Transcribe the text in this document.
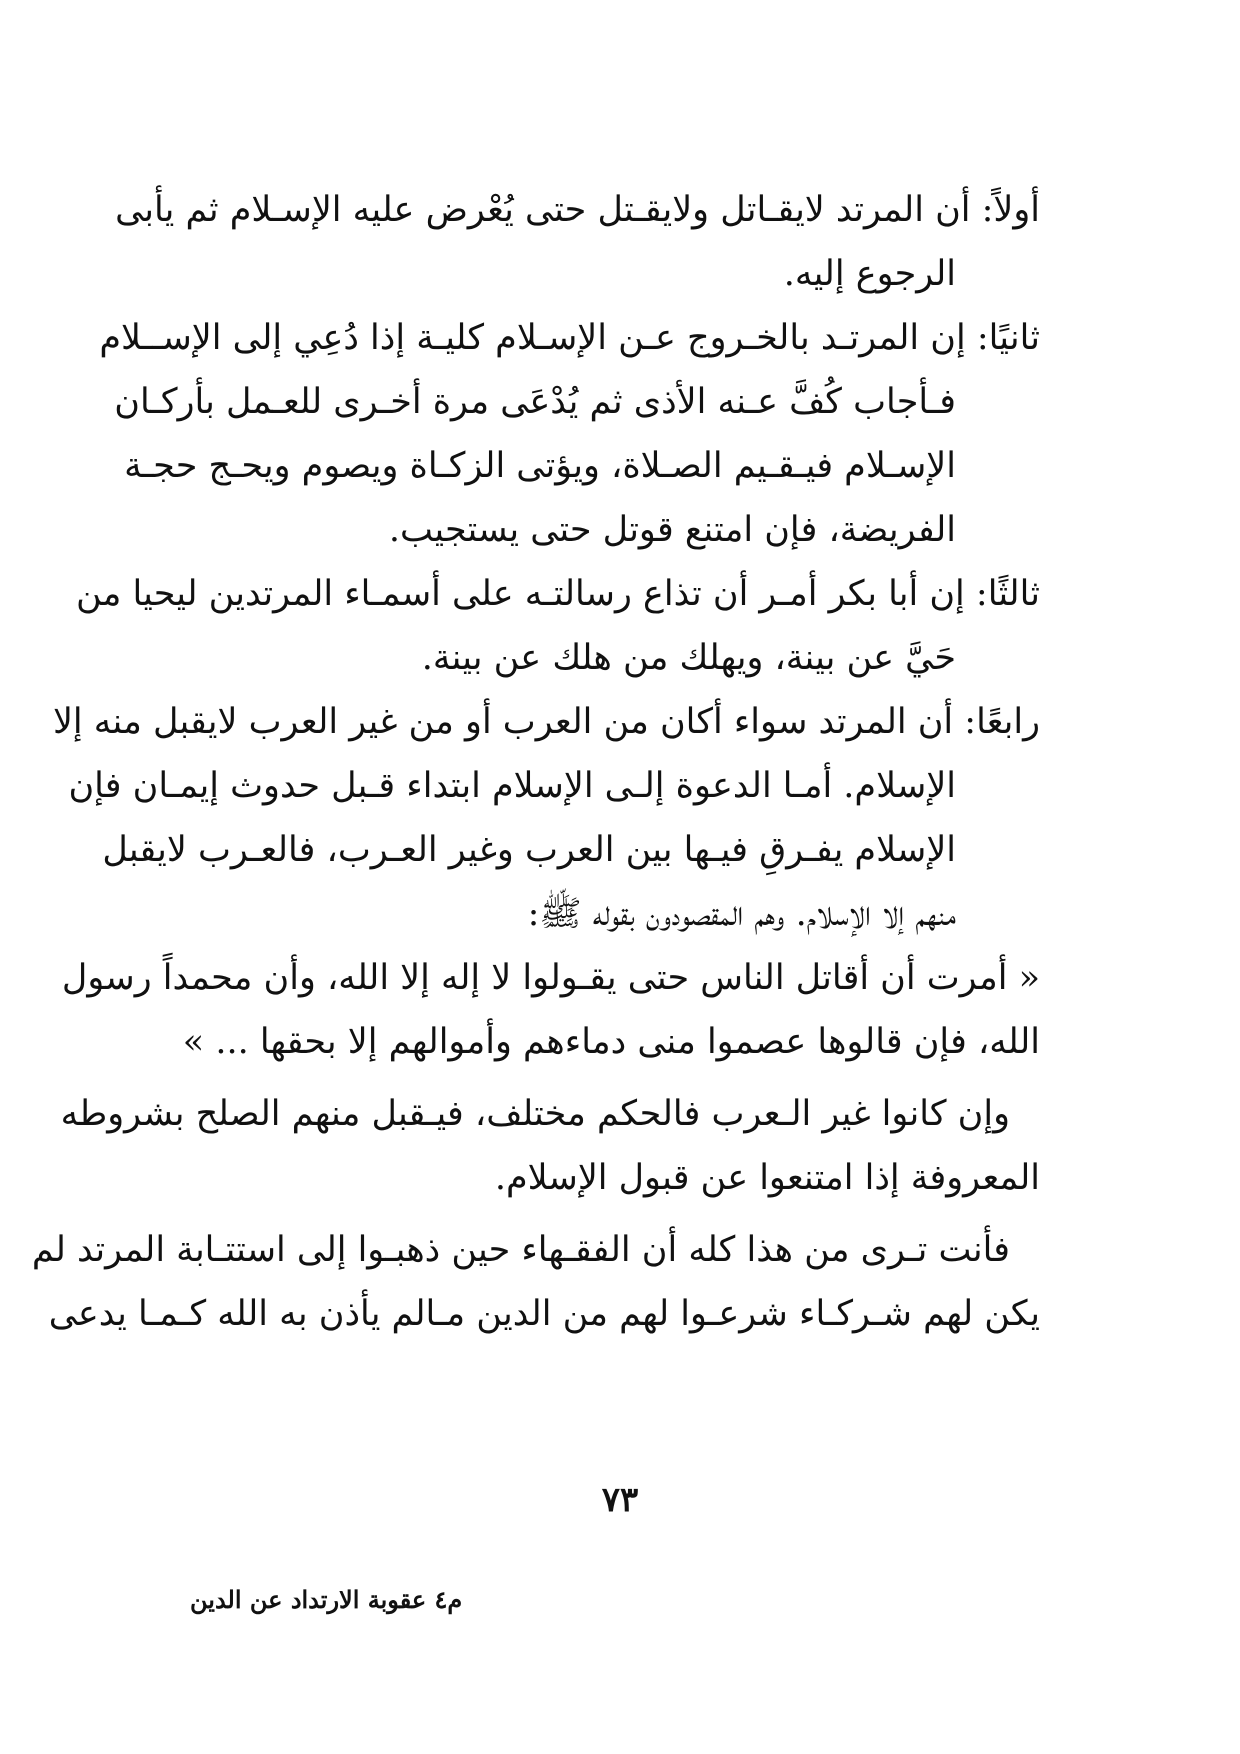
أولاً: أن المرتد لايقـاتل ولايقـتل حتى يُعْرض عليه الإسـلام ثم يأبى
الرجوع إليه.
ثانيًا: إن المرتـد بالخـروج عـن الإسـلام كليـة إذا دُعِي إلى الإســلام
فـأجاب كُفَّ عـنه الأذى ثم يُدْعَى مرة أخـرى للعـمل بأركـان
الإسـلام فيـقـيم الصـلاة، ويؤتى الزكـاة ويصوم ويحـج حجـة
الفريضة، فإن امتنع قوتل حتى يستجيب.
ثالثًا: إن أبا بكر أمـر أن تذاع رسالتـه على أسمـاء المرتدين ليحيا من
حَيَّ عن بينة، ويهلك من هلك عن بينة.
رابعًا: أن المرتد سواء أكان من العرب أو من غير العرب لايقبل منه إلا
الإسلام. أمـا الدعوة إلـى الإسلام ابتداء قـبل حدوث إيمـان فإن
الإسلام يفـرقِ فيـها بين العرب وغير العـرب، فالعـرب لايقبل
منهم إلا الإسلام. وهم المقصودون بقوله ﷺ:
« أمرت أن أقاتل الناس حتى يقـولوا لا إله إلا الله، وأن محمداً رسول
الله، فإن قالوها عصموا منى دماءهم وأموالهم إلا بحقها ... »
وإن كانوا غير الـعرب فالحكم مختلف، فيـقبل منهم الصلح بشروطه
المعروفة إذا امتنعوا عن قبول الإسلام.
فأنت تـرى من هذا كله أن الفقـهاء حين ذهبـوا إلى استتـابة المرتد لم
يكن لهم شـركـاء شرعـوا لهم من الدين مـالم يأذن به الله كـمـا يدعى
٧٣
م٤ عقوبة الارتداد عن الدين
